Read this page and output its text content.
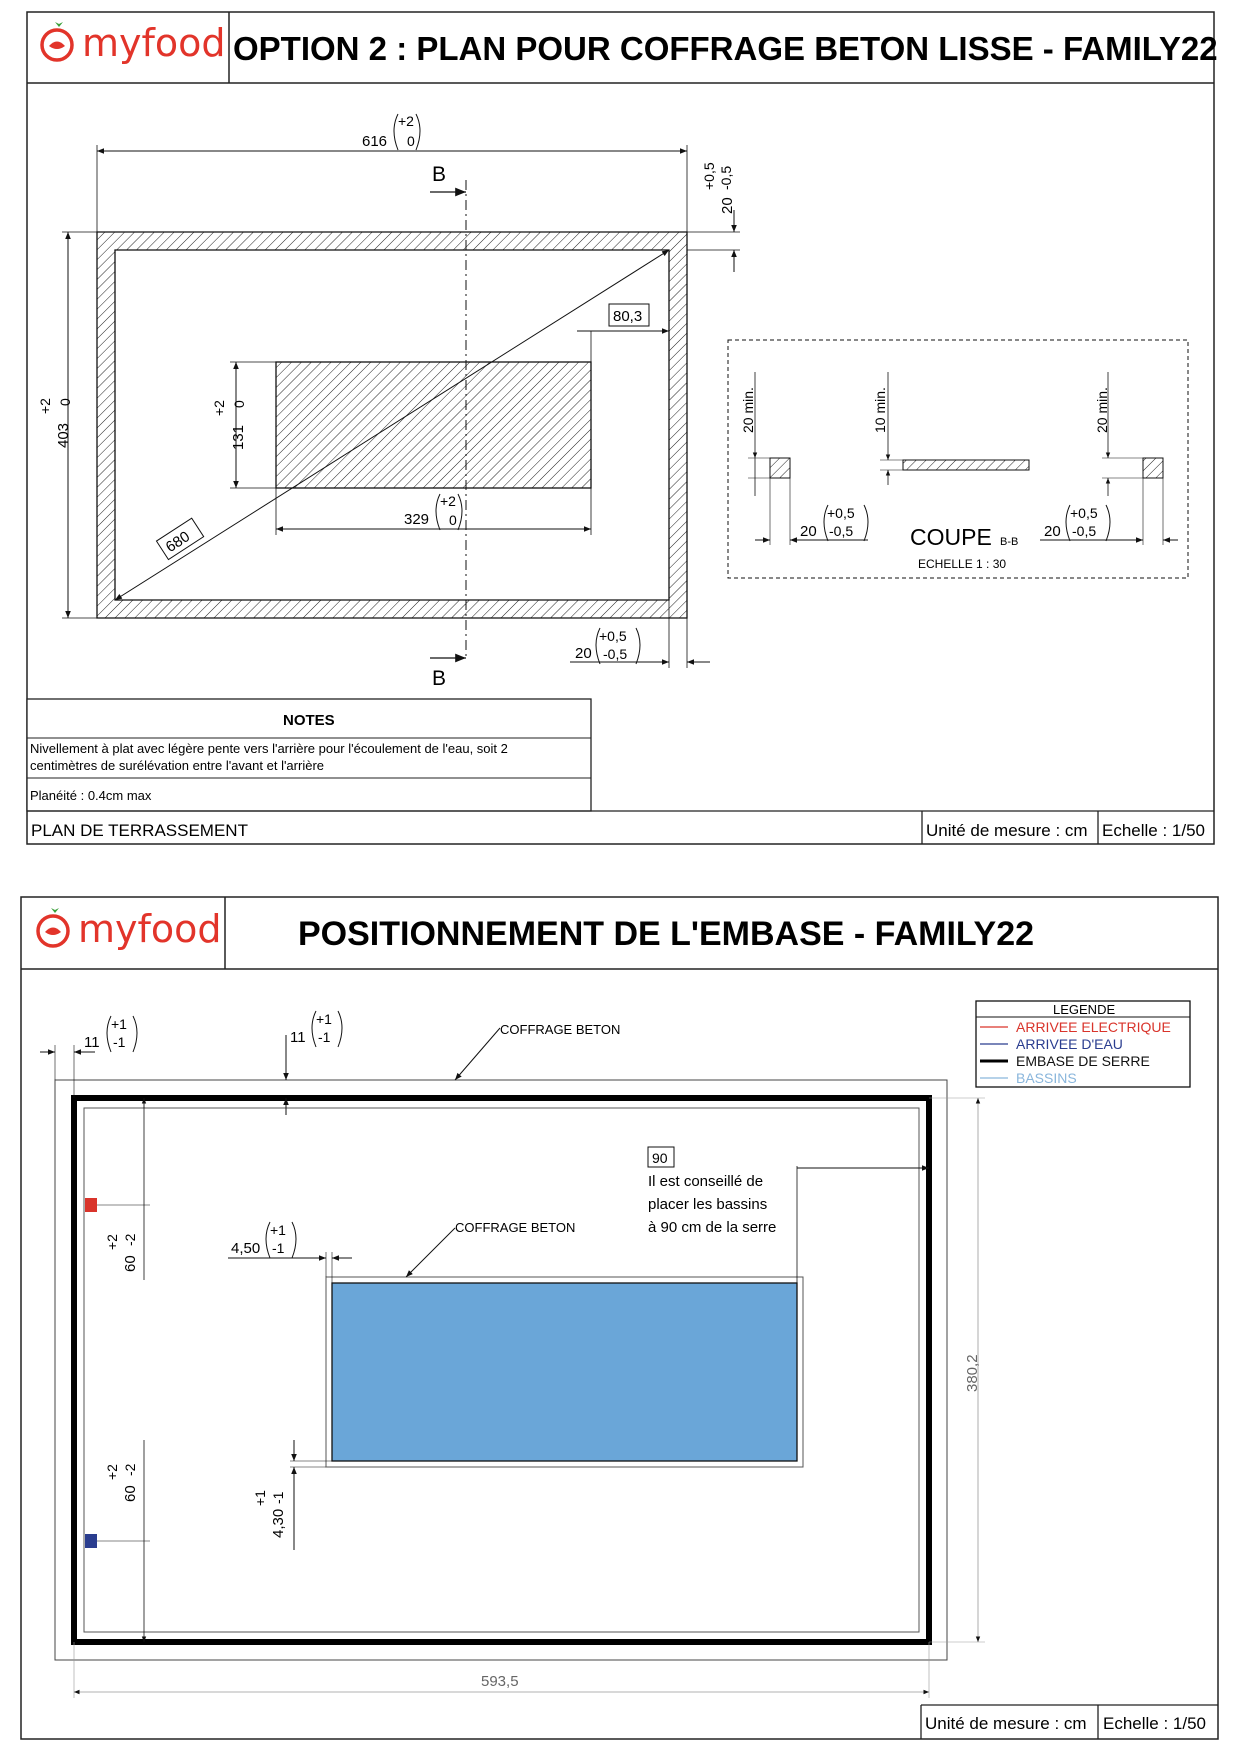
myfood OPTION 2 : PLAN POUR COFFRAGE BETON LISSE - FAMILY22
B
B
616
+2
0
403
+2 0
131
+2 0
329
+2
0
80,3
680
20
+0,5 -0,5
20
+0,5
-0,5
20 min.
20
+0,5
-0,5
10 min.	20 min.
20
+0,5
-0,5
COUPE B-B
ECHELLE 1 : 30
NOTES
Nivellement à plat avec légère pente vers l'arrière pour l'écoulement de l'eau, soit 2
centimètres de surélévation entre l'avant et l'arrière
Planéité : 0.4cm max
PLAN DE TERRASSEMENT	Unité de mesure : cm Echelle : 1/50
myfood POSITIONNEMENT DE L'EMBASE - FAMILY22
LEGENDE
ARRIVEE ELECTRIQUE
ARRIVEE D'EAU
EMBASE DE SERRE
BASSINS
COFFRAGE BETON
COFFRAGE BETON
90
Il est conseillé de
placer les bassins
à 90 cm de la serre
11
+1
-1	11
+1
-1
4,50
+1
-1
4,30
+1 -1
60
+2 -2
60
+2 -2
380,2
593,5
Unité de mesure : cm Echelle : 1/50
